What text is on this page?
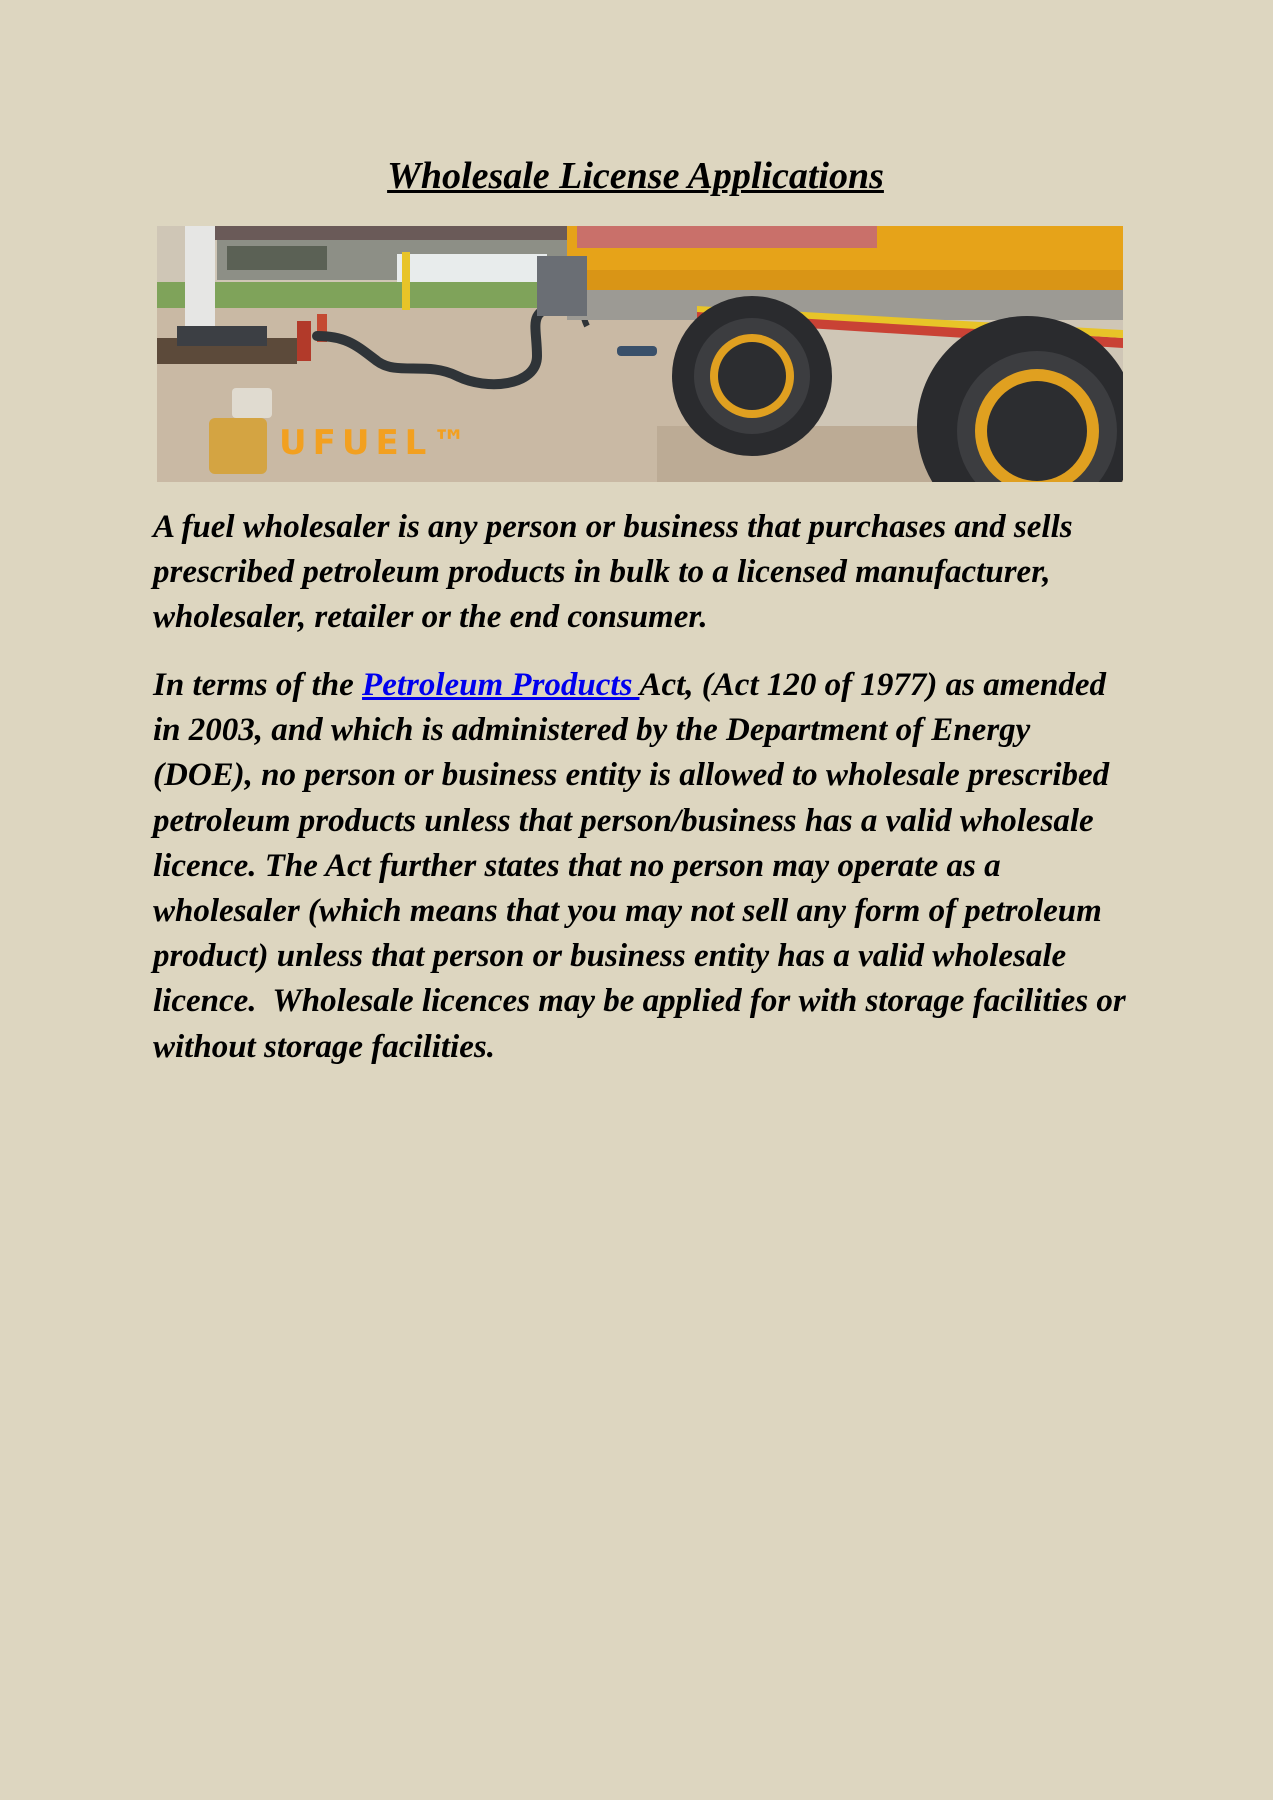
Wholesale License Applications
UFUEL™

A fuel wholesaler is any person or business that purchases and sells prescribed petroleum products in bulk to a licensed manufacturer, wholesaler, retailer or the end consumer.

In terms of the Petroleum Products Act, (Act 120 of 1977) as amended in 2003, and which is administered by the Department of Energy (DOE), no person or business entity is allowed to wholesale prescribed petroleum products unless that person/business has a valid wholesale licence. The Act further states that no person may operate as a wholesaler (which means that you may not sell any form of petroleum product) unless that person or business entity has a valid wholesale licence.  Wholesale licences may be applied for with storage facilities or without storage facilities.
